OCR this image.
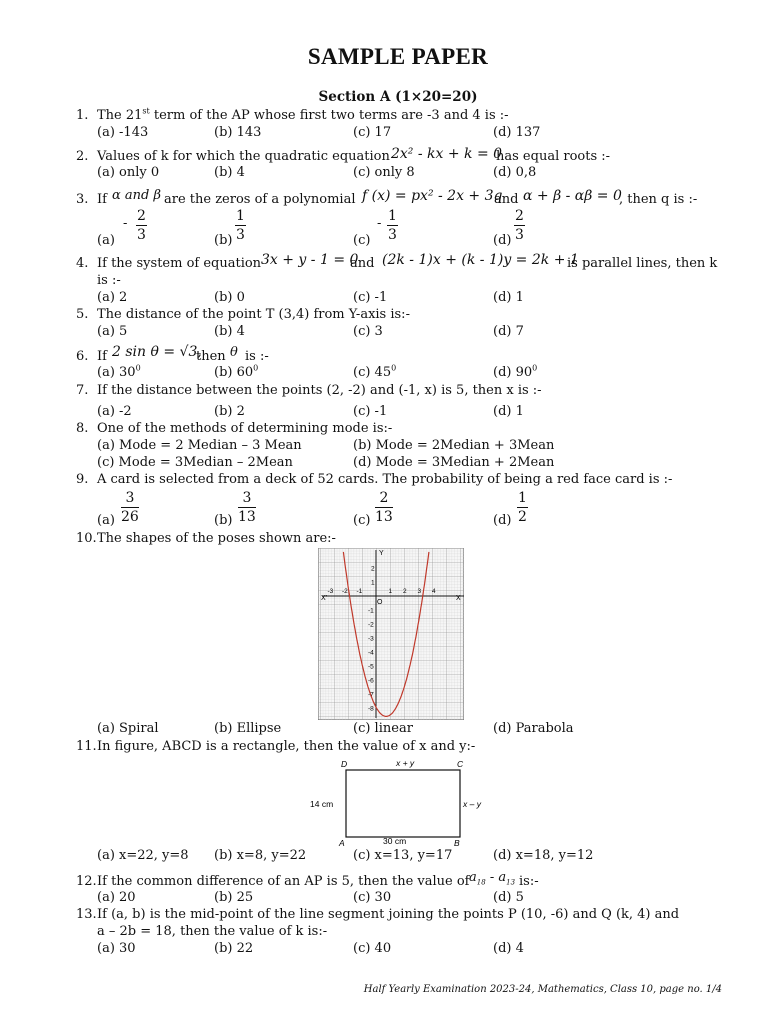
SAMPLE PAPER
Section A (1×20=20)
1. The 21st term of the AP whose first two terms are -3 and 4 is :-
(a) -143	(b) 143	(c) 17	(d) 137
2. Values of k for which the quadratic equation 2x² - kx + k = 0
has equal roots :-
(a) only 0	(b) 4	(c) only 8	(d) 0,8
3. If α and β are the zeros of a polynomial f (x) = px² - 2x + 3q
and α + β - αβ = 0
, then q is :-
(a)
- 2
3	(b)
1
3	(c)
- 1
3	(d)
2
3
4. If the system of equation 3x + y - 1 = 0
and (2k - 1)x + (k - 1)y = 2k + 1
is parallel lines, then k
is :-
(a) 2	(b) 0	(c) -1	(d) 1
5. The distance of the point T (3,4) from Y-axis is:-
(a) 5	(b) 4	(c) 3	(d) 7
6. If 2 sin θ = √3,
then θ is :-
(a) $30^0$	(b) $60^0$	(c) $45^0$	(d) $90^0$
7. If the distance between the points (2, -2) and (-1, x) is 5, then x is :-
(a) -2	(b) 2	(c) -1	(d) 1
8. One of the methods of determining mode is:-
(a) Mode = 2 Median – 3 Mean	(b) Mode = 2Median + 3Mean
(c) Mode = 3Median – 2Mean	(d) Mode = 3Median + 2Mean
9. A card is selected from a deck of 52 cards. The probability of being a red face card is :-
(a)
3
26	(b)
3
13	(c)
2
13	(d)
1
2
10. The shapes of the poses shown are:-
X'	X
Y
O
-3 -2 -1	1 2 3 4
2
1
-1
-2
-3
-4
-5
-6
-7
-8
(a) Spiral	(b) Ellipse	(c) linear	(d) Parabola
11. In figure, ABCD is a rectangle, then the value of x and y:-
D	C
A	B
x + y
x – y
14 cm
30 cm
(a) x=22, y=8 (b) x=8, y=22	(c) x=13, y=17	(d) x=18, y=12
12. If the common difference of an AP is 5, then the value of $a_{18} - a_{13}$ is:-
(a) 20	(b) 25	(c) 30	(d) 5
13. If (a, b) is the mid-point of the line segment joining the points P (10, -6) and Q (k, 4) and
a – 2b = 18, then the value of k is:-
(a) 30	(b) 22	(c) 40	(d) 4
Half Yearly Examination 2023-24, Mathematics, Class 10, page no. 1/4
